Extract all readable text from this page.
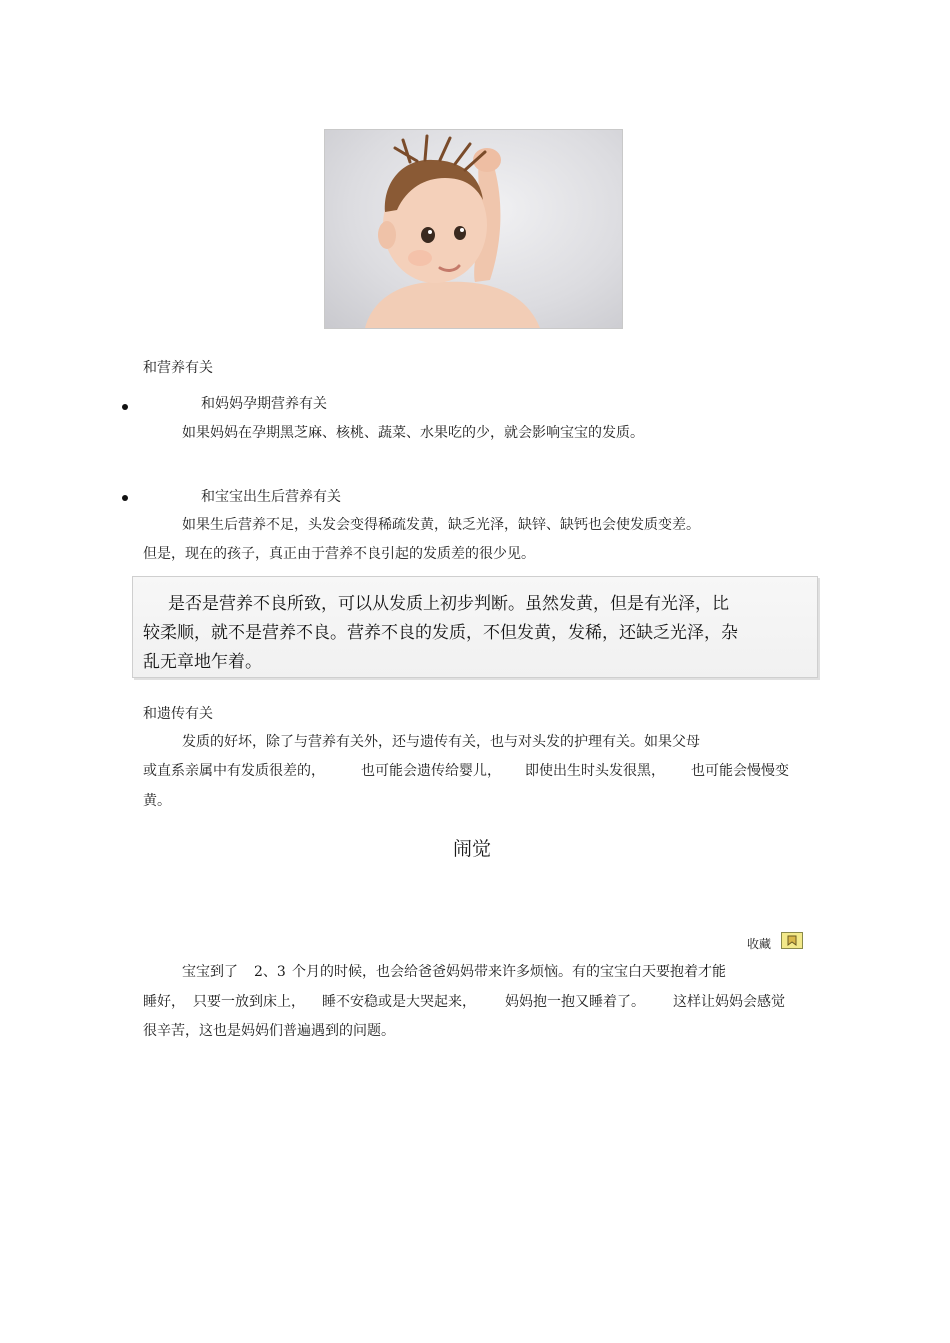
和营养有关
和妈妈孕期营养有关
如果妈妈在孕期黑芝麻、核桃、蔬菜、水果吃的少，就会影响宝宝的发质。
和宝宝出生后营养有关
如果生后营养不足，头发会变得稀疏发黄，缺乏光泽，缺锌、缺钙也会使发质变差。
但是，现在的孩子，真正由于营养不良引起的发质差的很少见。
是否是营养不良所致，可以从发质上初步判断。虽然发黄，但是有光泽，比
较柔顺，就不是营养不良。营养不良的发质，不但发黄，发稀，还缺乏光泽，杂
乱无章地乍着。
和遗传有关
发质的好坏，除了与营养有关外，还与遗传有关，也与对头发的护理有关。如果父母
或直系亲属中有发质很差的，	也可能会遗传给婴儿， 即使出生时头发很黑， 也可能会慢慢变
黄。
闹觉
收藏
宝宝到了 2、3 个月的时候，也会给爸爸妈妈带来许多烦恼。有的宝宝白天要抱着才能
睡好， 只要一放到床上， 睡不安稳或是大哭起来， 妈妈抱一抱又睡着了。 这样让妈妈会感觉
很辛苦，这也是妈妈们普遍遇到的问题。
